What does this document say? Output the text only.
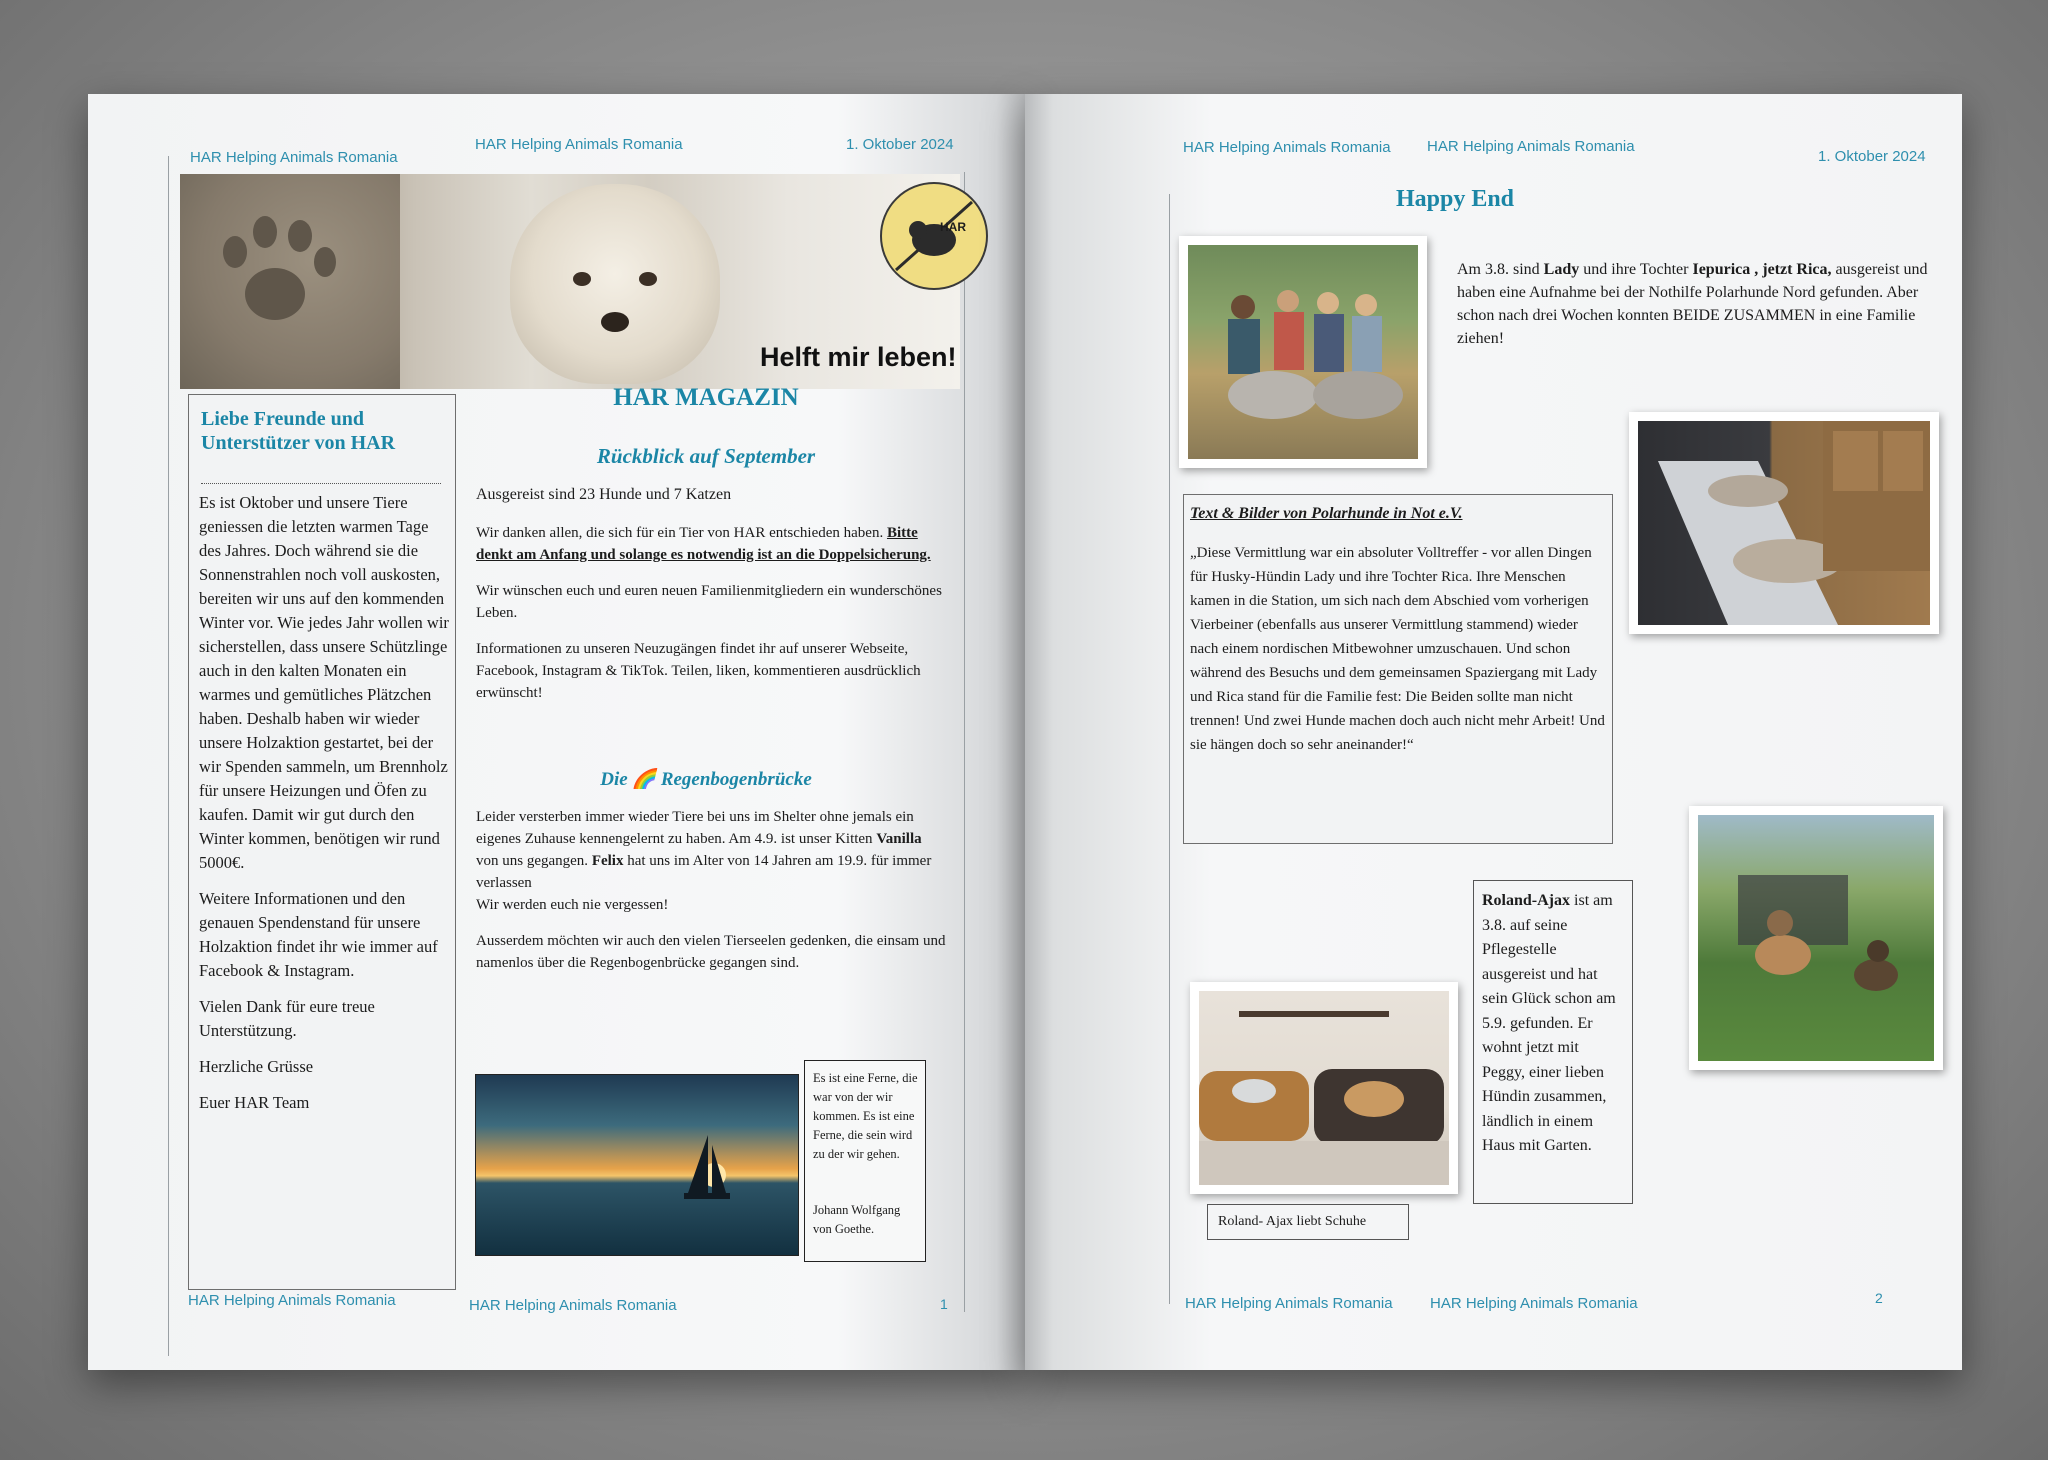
HAR Helping Animals Romania
HAR Helping Animals Romania	1. Oktober 2024
HAR
Helft mir leben!
Liebe Freunde und Unterstützer von HAR

Es ist Oktober und unsere Tiere geniessen die letzten warmen Tage des Jahres. Doch während sie die Sonnenstrahlen noch voll auskosten, bereiten wir uns auf den kommenden Winter vor. Wie jedes Jahr wollen wir sicherstellen, dass unsere Schützlinge auch in den kalten Monaten ein warmes und gemütliches Plätzchen haben. Deshalb haben wir wieder unsere Holzaktion gestartet, bei der wir Spenden sammeln, um Brennholz für unsere Heizungen und Öfen zu kaufen. Damit wir gut durch den Winter kommen, benötigen wir rund 5000€.

Weitere Informationen und den genauen Spendenstand für unsere Holzaktion findet ihr wie immer auf Facebook & Instagram.

Vielen Dank für eure treue Unterstützung.

Herzliche Grüsse

Euer HAR Team

HAR MAGAZIN
Rückblick auf September

Ausgereist sind 23 Hunde und 7 Katzen

Wir danken allen, die sich für ein Tier von HAR entschieden haben. Bitte denkt am Anfang und solange es notwendig ist an die Doppelsicherung.

Wir wünschen euch und euren neuen Familienmitgliedern ein wunderschönes Leben.

Informationen zu unseren Neuzugängen findet ihr auf unserer Webseite, Facebook, Instagram & TikTok. Teilen, liken, kommentieren ausdrücklich erwünscht!

Die 🌈 Regenbogenbrücke

Leider versterben immer wieder Tiere bei uns im Shelter ohne jemals ein eigenes Zuhause kennengelernt zu haben. Am 4.9. ist unser Kitten Vanilla von uns gegangen. Felix hat uns im Alter von 14 Jahren am 19.9. für immer verlassen
Wir werden euch nie vergessen!

Ausserdem möchten wir auch den vielen Tierseelen gedenken, die einsam und namenlos über die Regenbogenbrücke gegangen sind.

Es ist eine Ferne, die war von der wir kommen. Es ist eine Ferne, die sein wird zu der wir gehen.
Johann Wolfgang von Goethe.
HAR Helping Animals Romania	HAR Helping Animals Romania	1
HAR Helping Animals Romania HAR Helping Animals Romania
1. Oktober 2024
Happy End
Am 3.8. sind Lady und ihre Tochter Iepurica , jetzt Rica, ausgereist und haben eine Aufnahme bei der Nothilfe Polarhunde Nord gefunden. Aber schon nach drei Wochen konnten BEIDE ZUSAMMEN in eine Familie ziehen!
Text & Bilder von Polarhunde in Not e.V.
„Diese Vermittlung war ein absoluter Volltreffer - vor allen Dingen für Husky-Hündin Lady und ihre Tochter Rica. Ihre Menschen kamen in die Station, um sich nach dem Abschied vom vorherigen Vierbeiner (ebenfalls aus unserer Vermittlung stammend) wieder nach einem nordischen Mitbewohner umzuschauen. Und schon während des Besuchs und dem gemeinsamen Spaziergang mit Lady und Rica stand für die Familie fest: Die Beiden sollte man nicht trennen! Und zwei Hunde machen doch auch nicht mehr Arbeit! Und sie hängen doch so sehr aneinander!“
Roland-Ajax ist am 3.8. auf seine Pflegestelle ausgereist und hat sein Glück schon am 5.9. gefunden. Er wohnt jetzt mit Peggy, einer lieben Hündin zusammen, ländlich in einem Haus mit Garten.
Roland- Ajax liebt Schuhe
HAR Helping Animals Romania HAR Helping Animals Romania	2
